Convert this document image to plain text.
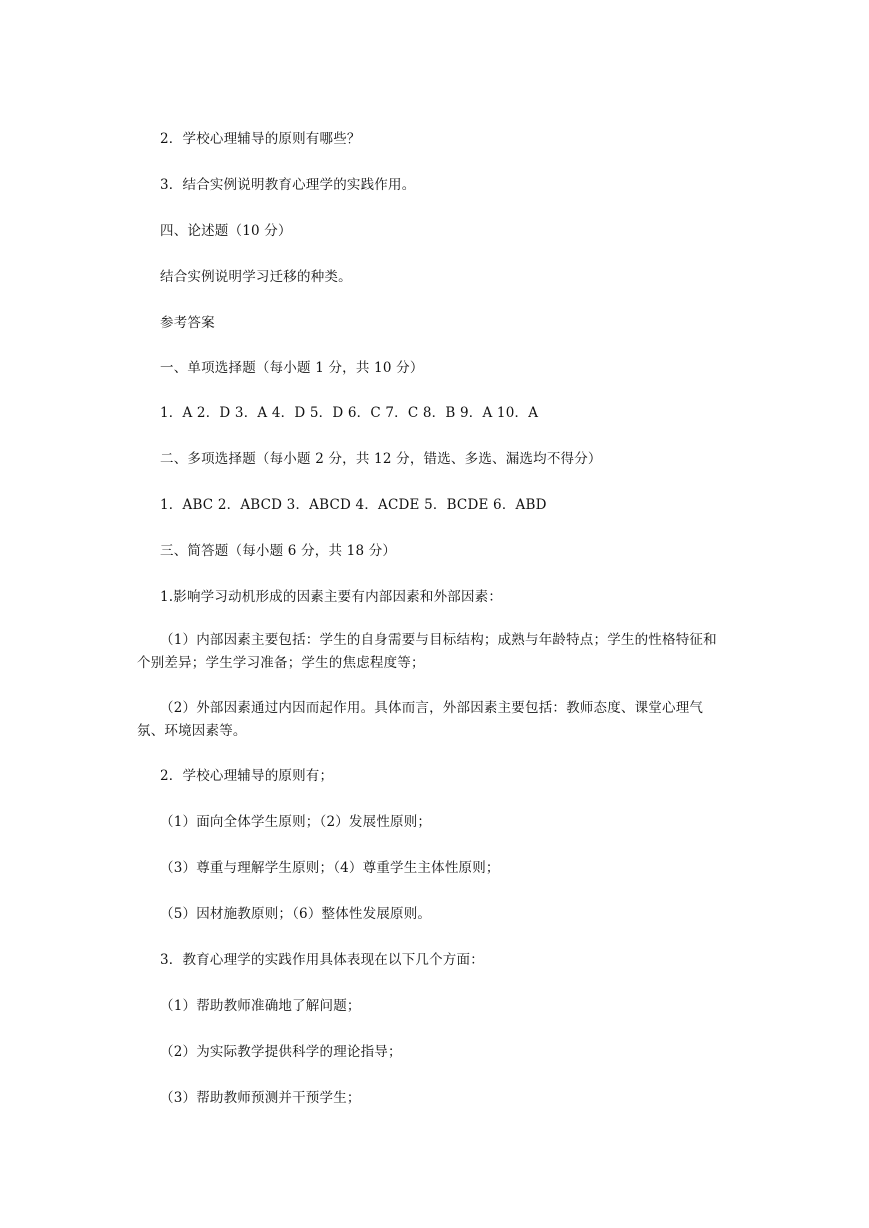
2．学校心理辅导的原则有哪些？
3．结合实例说明教育心理学的实践作用。
四、论述题（10 分）
结合实例说明学习迁移的种类。
参考答案
一、单项选择题（每小题 1 分，共 10 分）
1．A 2．D 3．A 4．D 5．D 6．C 7．C 8．B 9．A 10．A
二、多项选择题（每小题 2 分，共 12 分，错选、多选、漏选均不得分）
1．ABC 2．ABCD 3．ABCD 4．ACDE 5．BCDE 6．ABD
三、简答题（每小题 6 分，共 18 分）
1.影响学习动机形成的因素主要有内部因素和外部因素：
（1）内部因素主要包括：学生的自身需要与目标结构；成熟与年龄特点；学生的性格特征和个别差异；学生学习准备；学生的焦虑程度等；
（2）外部因素通过内因而起作用。具体而言，外部因素主要包括：教师态度、课堂心理气氛、环境因素等。
2．学校心理辅导的原则有；
（1）面向全体学生原则；（2）发展性原则；
（3）尊重与理解学生原则；（4）尊重学生主体性原则；
（5）因材施教原则；（6）整体性发展原则。
3．教育心理学的实践作用具体表现在以下几个方面：
（1）帮助教师准确地了解问题；
（2）为实际教学提供科学的理论指导；
（3）帮助教师预测并干预学生；
